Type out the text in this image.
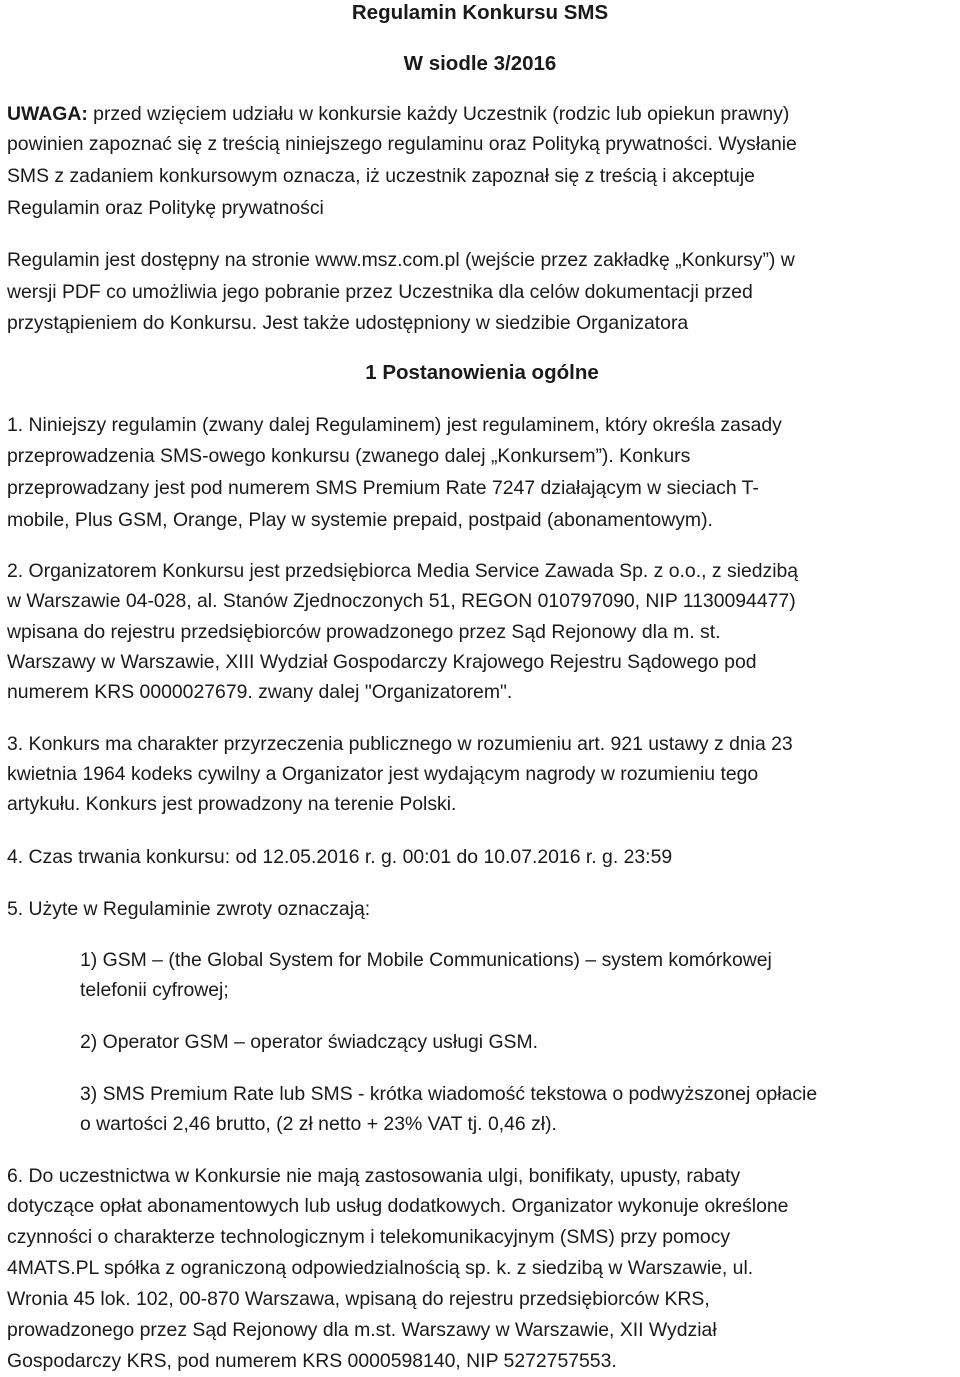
Regulamin Konkursu SMS
W siodle 3/2016
UWAGA: przed wzięciem udziału w konkursie każdy Uczestnik (rodzic lub opiekun prawny)
powinien zapoznać się z treścią niniejszego regulaminu oraz Polityką prywatności. Wysłanie
SMS z zadaniem konkursowym oznacza, iż uczestnik zapoznał się z treścią i akceptuje
Regulamin oraz Politykę prywatności
Regulamin jest dostępny na stronie www.msz.com.pl (wejście przez zakładkę „Konkursy”) w
wersji PDF co umożliwia jego pobranie przez Uczestnika dla celów dokumentacji przed
przystąpieniem do Konkursu. Jest także udostępniony w siedzibie Organizatora
1 Postanowienia ogólne
1. Niniejszy regulamin (zwany dalej Regulaminem) jest regulaminem, który określa zasady
przeprowadzenia SMS-owego konkursu (zwanego dalej „Konkursem”). Konkurs
przeprowadzany jest pod numerem SMS Premium Rate 7247 działającym w sieciach T-
mobile, Plus GSM, Orange, Play w systemie prepaid, postpaid (abonamentowym).
2. Organizatorem Konkursu jest przedsiębiorca Media Service Zawada Sp. z o.o., z siedzibą
w Warszawie 04-028, al. Stanów Zjednoczonych 51, REGON 010797090, NIP 1130094477)
wpisana do rejestru przedsiębiorców prowadzonego przez Sąd Rejonowy dla m. st.
Warszawy w Warszawie, XIII Wydział Gospodarczy Krajowego Rejestru Sądowego pod
numerem KRS 0000027679. zwany dalej "Organizatorem".
3. Konkurs ma charakter przyrzeczenia publicznego w rozumieniu art. 921 ustawy z dnia 23
kwietnia 1964 kodeks cywilny a Organizator jest wydającym nagrody w rozumieniu tego
artykułu. Konkurs jest prowadzony na terenie Polski.
4. Czas trwania konkursu: od 12.05.2016 r. g. 00:01 do 10.07.2016 r. g. 23:59
5. Użyte w Regulaminie zwroty oznaczają:
1) GSM – (the Global System for Mobile Communications) – system komórkowej
telefonii cyfrowej;
2) Operator GSM – operator świadczący usługi GSM.
3) SMS Premium Rate lub SMS - krótka wiadomość tekstowa o podwyższonej opłacie
o wartości 2,46 brutto, (2 zł netto + 23% VAT tj. 0,46 zł).
6. Do uczestnictwa w Konkursie nie mają zastosowania ulgi, bonifikaty, upusty, rabaty
dotyczące opłat abonamentowych lub usług dodatkowych. Organizator wykonuje określone
czynności o charakterze technologicznym i telekomunikacyjnym (SMS) przy pomocy
4MATS.PL spółka z ograniczoną odpowiedzialnością sp. k. z siedzibą w Warszawie, ul.
Wronia 45 lok. 102, 00-870 Warszawa, wpisaną do rejestru przedsiębiorców KRS,
prowadzonego przez Sąd Rejonowy dla m.st. Warszawy w Warszawie, XII Wydział
Gospodarczy KRS, pod numerem KRS 0000598140, NIP 5272757553.
